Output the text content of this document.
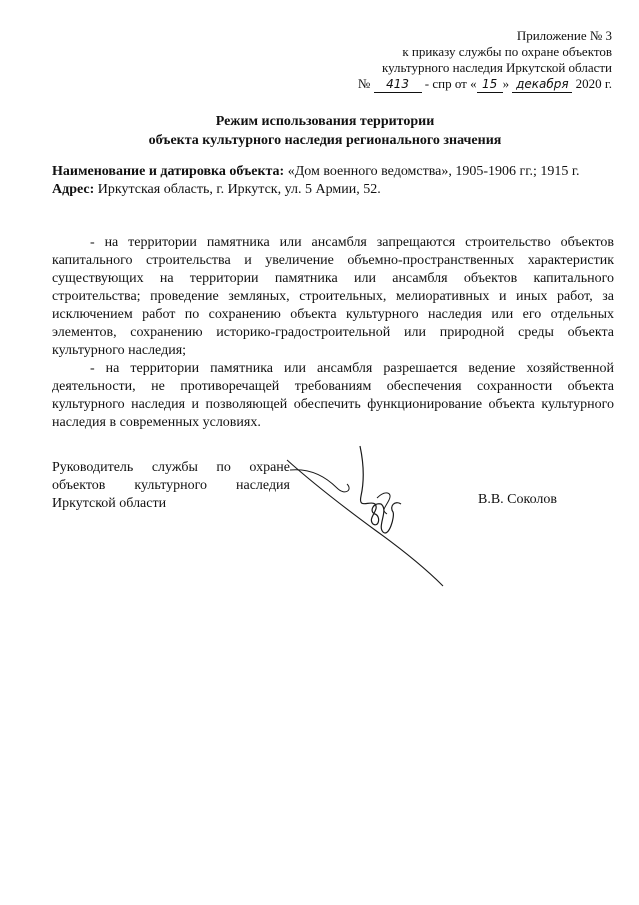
Приложение № 3
к приказу службы по охране объектов
культурного наследия Иркутской области
№ 413 - спр от « 15 » декабря 2020 г.
Режим использования территории
объекта культурного наследия регионального значения
Наименование и датировка объекта: «Дом военного ведомства», 1905-1906 гг.; 1915 г.
Адрес: Иркутская область, г. Иркутск, ул. 5 Армии, 52.

- на территории памятника или ансамбля запрещаются строительство объектов капитального строительства и увеличение объемно-пространственных характеристик существующих на территории памятника или ансамбля объектов капитального строительства; проведение земляных, строительных, мелиоративных и иных работ, за исключением работ по сохранению объекта культурного наследия или его отдельных элементов, сохранению историко-градостроительной или природной среды объекта культурного наследия;

- на территории памятника или ансамбля разрешается ведение хозяйственной деятельности, не противоречащей требованиям обеспечения сохранности объекта культурного наследия и позволяющей обеспечить функционирование объекта культурного наследия в современных условиях.

Руководитель службы по охране объектов культурного наследия Иркутской области	В.В. Соколов
